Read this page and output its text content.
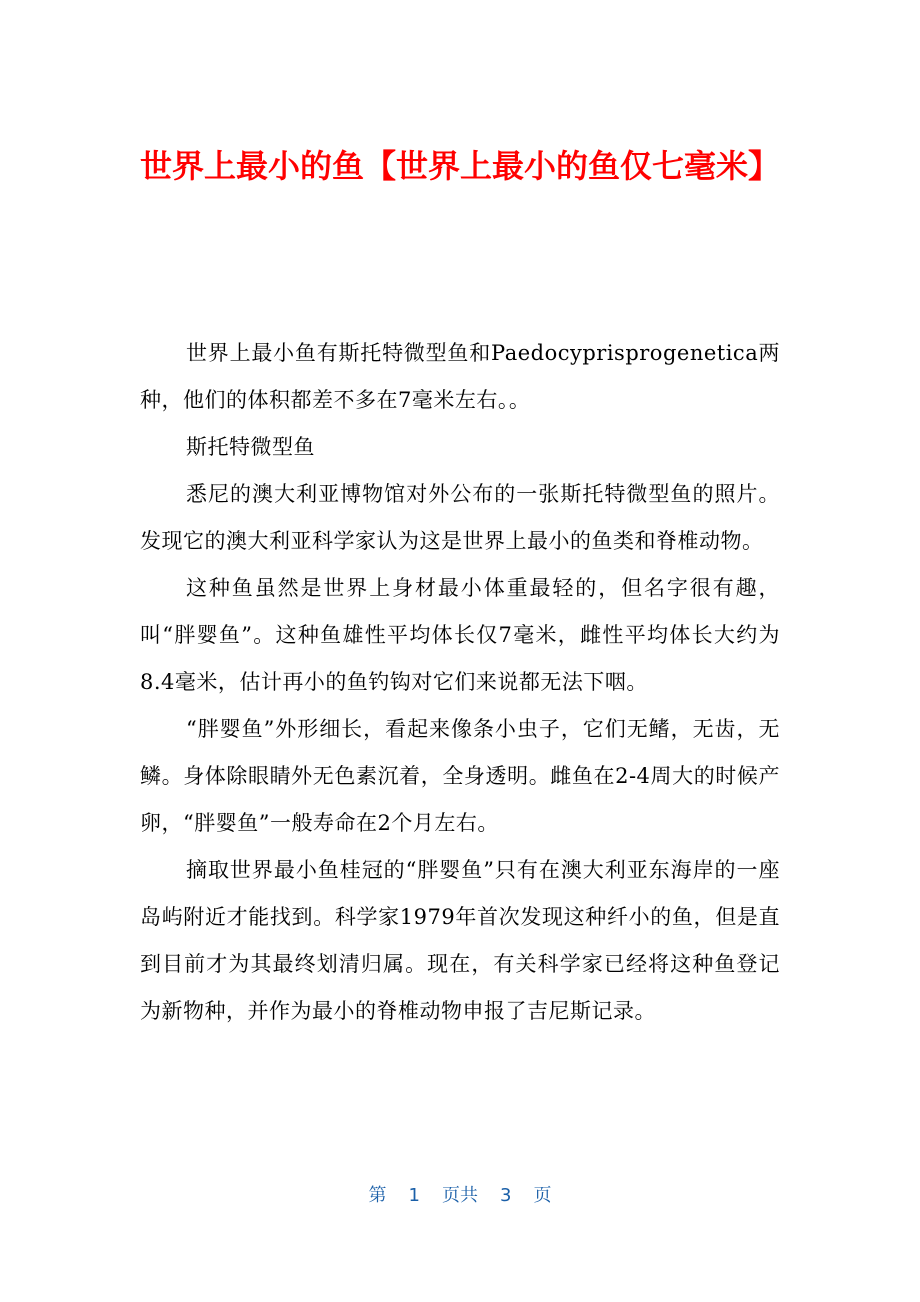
世界上最小的鱼【世界上最小的鱼仅七毫米】

世界上最小鱼有斯托特微型鱼和Paedocyprisprogenetica两种，他们的体积都差不多在7毫米左右。。

斯托特微型鱼

悉尼的澳大利亚博物馆对外公布的一张斯托特微型鱼的照片。发现它的澳大利亚科学家认为这是世界上最小的鱼类和脊椎动物。

这种鱼虽然是世界上身材最小体重最轻的，但名字很有趣，叫“胖婴鱼”。这种鱼雄性平均体长仅7毫米，雌性平均体长大约为8.4毫米，估计再小的鱼钓钩对它们来说都无法下咽。

“胖婴鱼”外形细长，看起来像条小虫子，它们无鳍，无齿，无鳞。身体除眼睛外无色素沉着，全身透明。雌鱼在2-4周大的时候产卵，“胖婴鱼”一般寿命在2个月左右。

摘取世界最小鱼桂冠的“胖婴鱼”只有在澳大利亚东海岸的一座岛屿附近才能找到。科学家1979年首次发现这种纤小的鱼，但是直到目前才为其最终划清归属。现在，有关科学家已经将这种鱼登记为新物种，并作为最小的脊椎动物申报了吉尼斯记录。

第 1 页共 3 页
